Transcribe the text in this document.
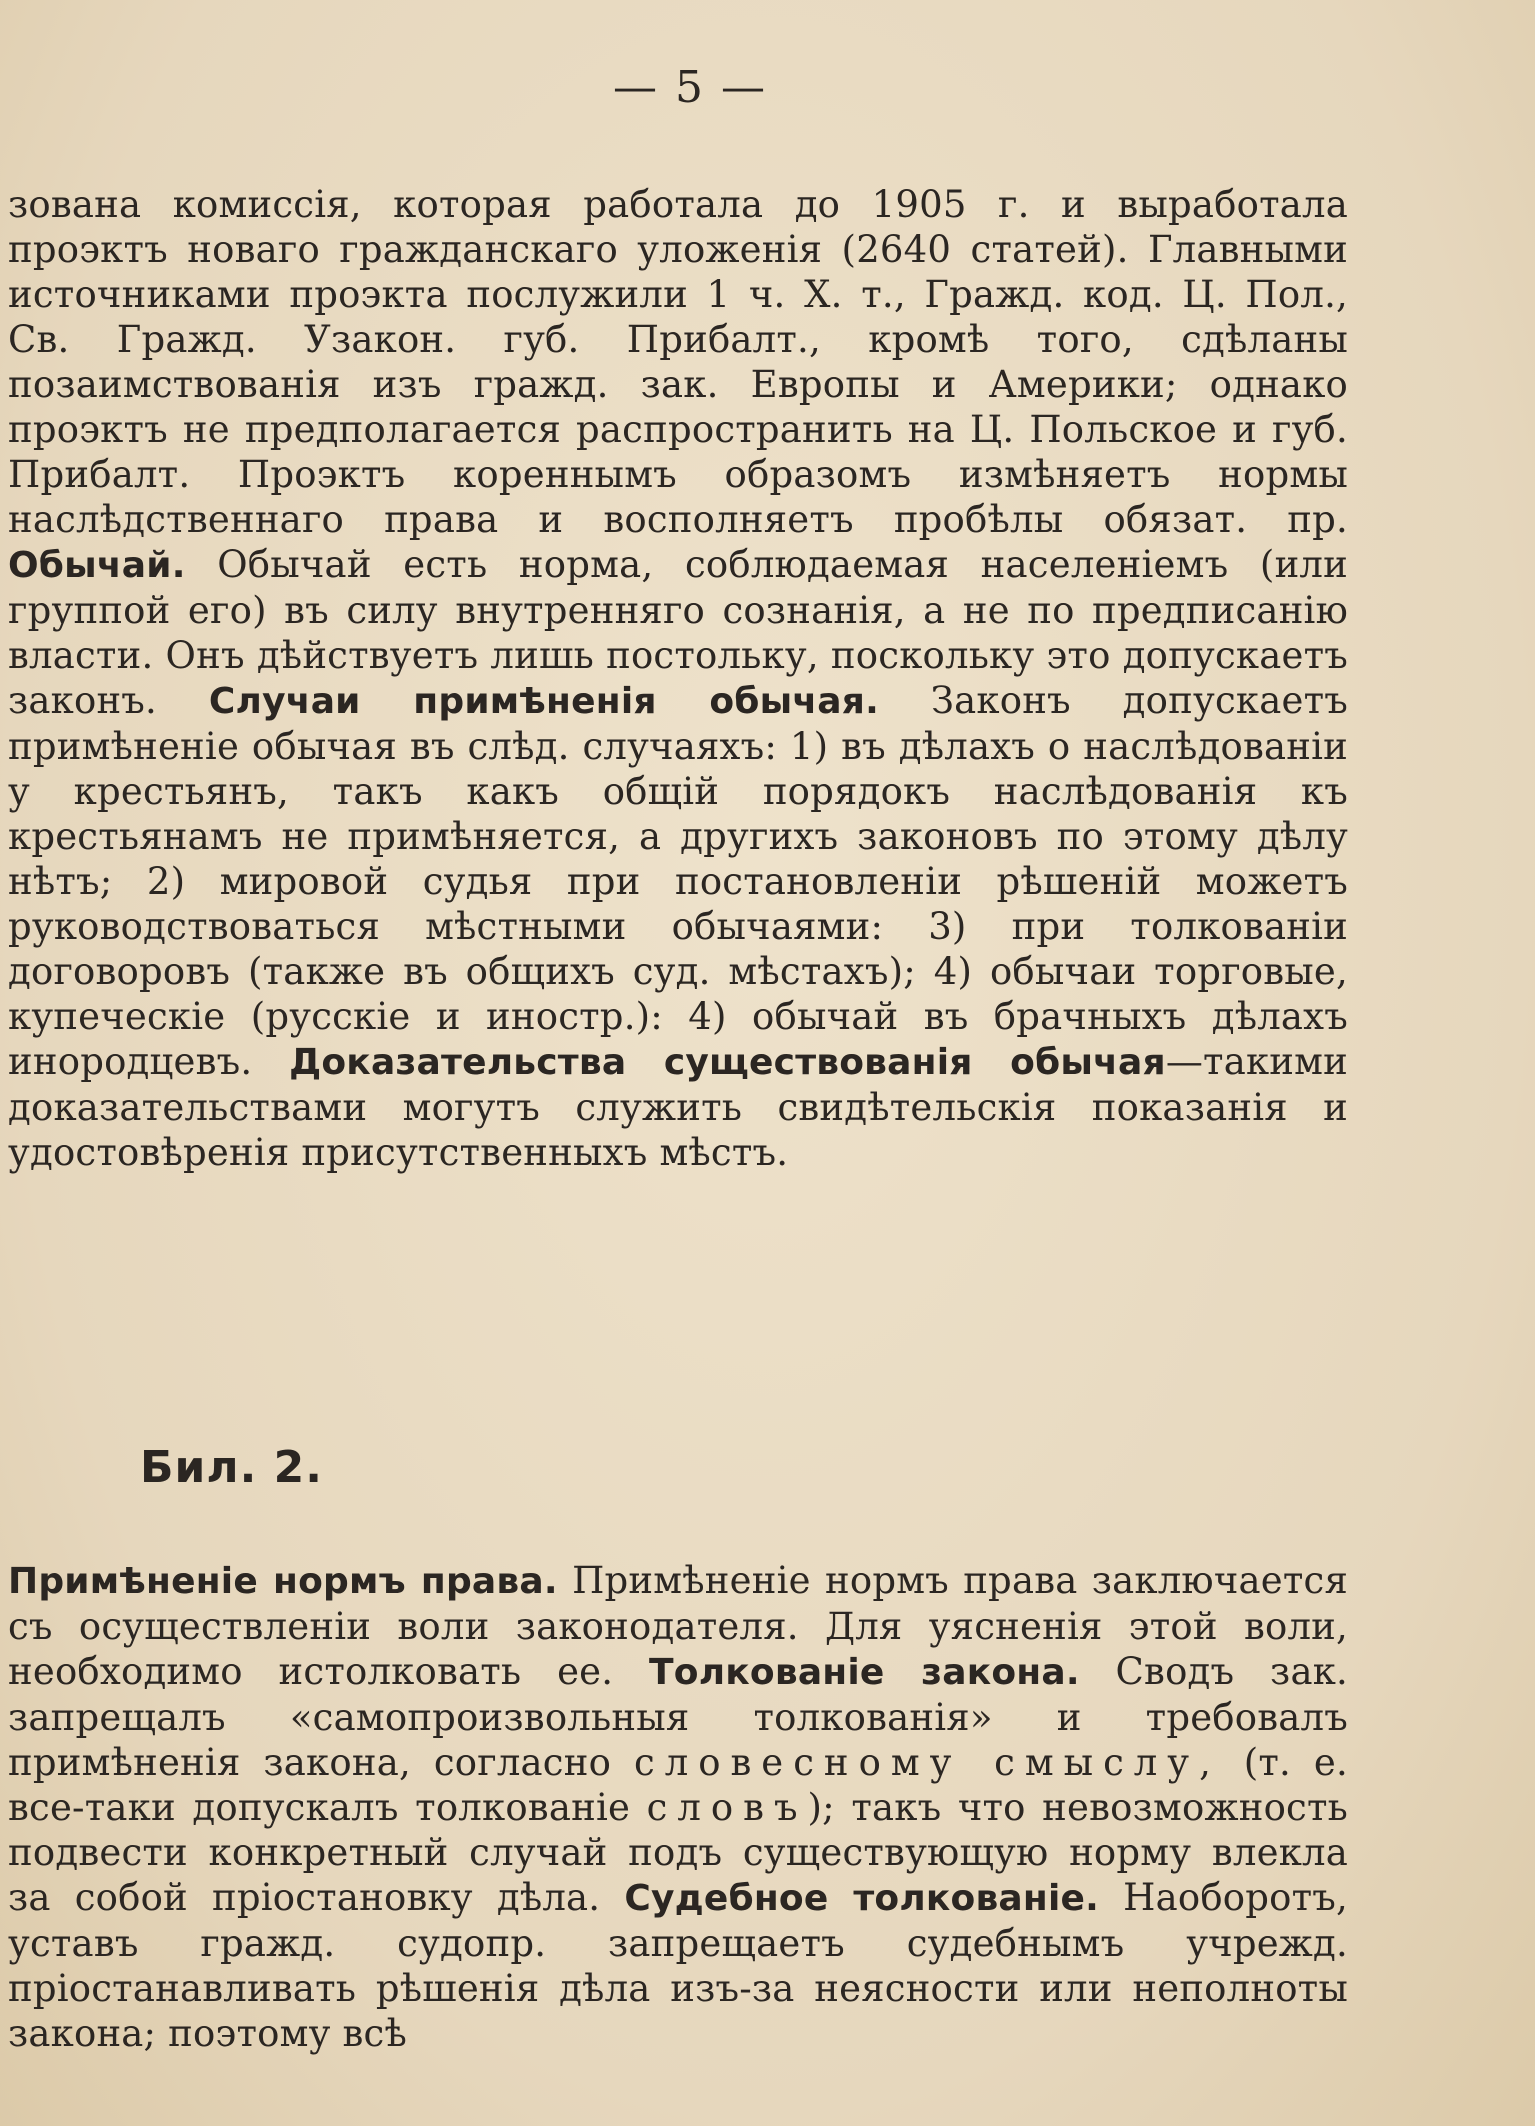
— 5 —

зована комиссія, которая работала до 1905 г. и выработала проэктъ новаго гражданскаго уложенія (2640 статей). Главными источниками проэкта послужили 1 ч. X. т., Гражд. код. Ц. Пол., Св. Гражд. Узакон. губ. Прибалт., кромѣ того, сдѣланы позаимствованія изъ гражд. зак. Европы и Америки; однако проэктъ не предполагается распространить на Ц. Польское и губ. Прибалт. Проэктъ кореннымъ образомъ измѣняетъ нормы наслѣдственнаго права и восполняетъ пробѣлы обязат. пр. Обычай. Обычай есть норма, соблюдаемая населеніемъ (или группой его) въ силу внутренняго сознанія, а не по предписанію власти. Онъ дѣйствуетъ лишь постольку, поскольку это допускаетъ законъ. Случаи примѣненія обычая. Законъ допускаетъ примѣненіе обычая въ слѣд. случаяхъ: 1) въ дѣлахъ о наслѣдованіи у крестьянъ, такъ какъ общій порядокъ наслѣдованія къ крестьянамъ не примѣняется, а другихъ законовъ по этому дѣлу нѣтъ; 2) мировой судья при постановленіи рѣшеній можетъ руководствоваться мѣстными обычаями: 3) при толкованіи договоровъ (также въ общихъ суд. мѣстахъ); 4) обычаи торговые, купеческіе (русскіе и иностр.): 4) обычай въ брачныхъ дѣлахъ инородцевъ. Доказательства существованія обычая—такими доказательствами могутъ служить свидѣтельскія показанія и удостовѣренія присутственныхъ мѣстъ.

Бил. 2.

Примѣненіе нормъ права. Примѣненіе нормъ права заключается съ осуществленіи воли законодателя. Для уясненія этой воли, необходимо истолковать ее. Толкованіе закона. Сводъ зак. запрещалъ «самопроизвольныя толкованія» и требовалъ примѣненія закона, согласно словесному смыслу, (т. е. все-таки допускалъ толкованіе словъ); такъ что невозможность подвести конкретный случай подъ существующую норму влекла за собой пріостановку дѣла. Судебное толкованіе. Наоборотъ, уставъ гражд. судопр. запрещаетъ судебнымъ учрежд. пріостанавливать рѣшенія дѣла изъ-за неясности или неполноты закона; поэтому всѣ
